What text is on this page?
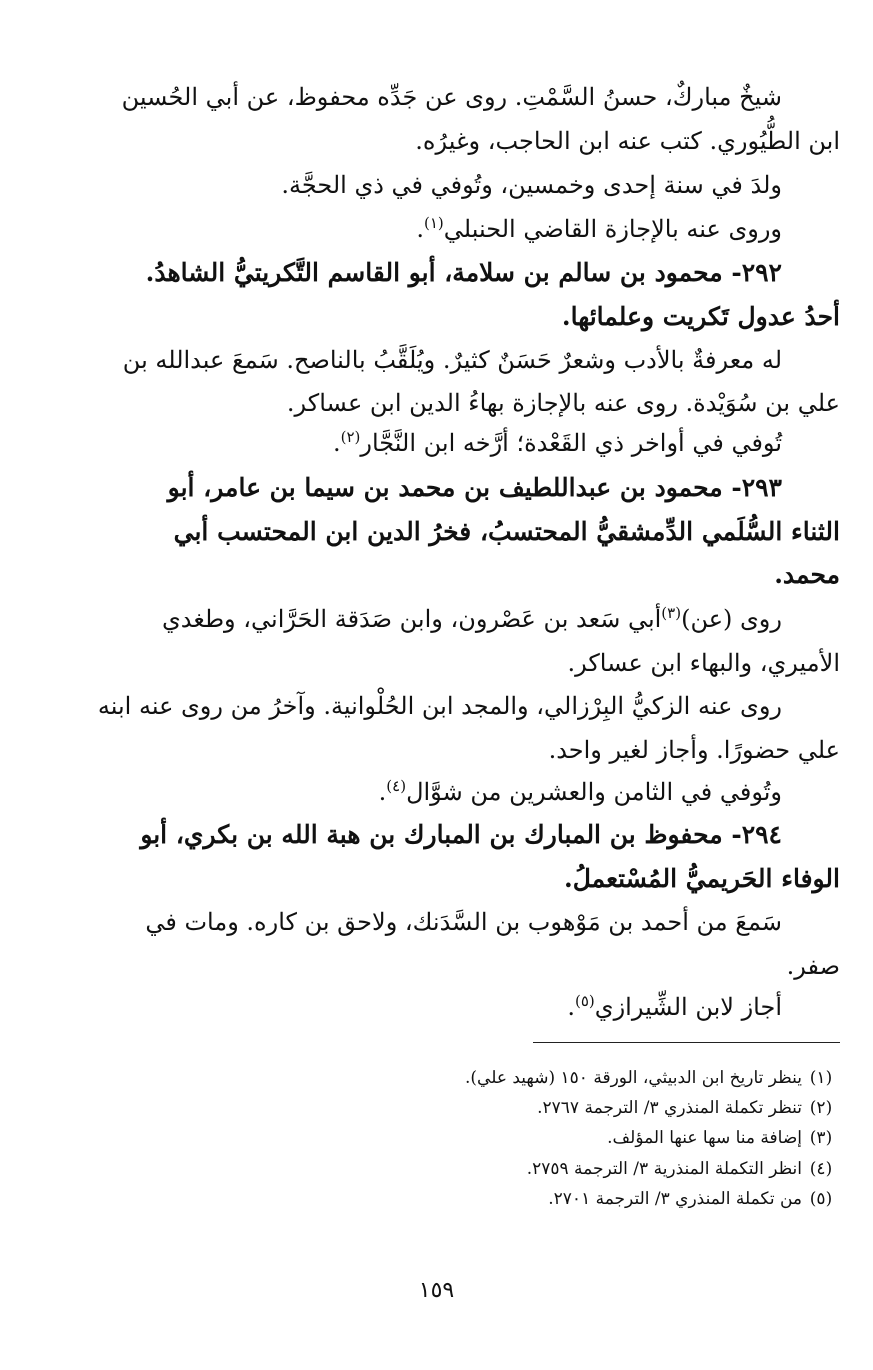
شيخٌ مباركٌ، حسنُ السَّمْتِ. روى عن جَدِّه محفوظ، عن أبي الحُسين
ابن الطُّيُوري. كتب عنه ابن الحاجب، وغيرُه.
ولدَ في سنة إحدى وخمسين، وتُوفي في ذي الحجَّة.
وروى عنه بالإجازة القاضي الحنبلي$^{(١)}$.
٢٩٢- محمود بن سالم بن سلامة، أبو القاسم التَّكريتيُّ الشاهدُ.
أحدُ عدول تَكريت وعلمائها.
له معرفةٌ بالأدب وشعرٌ حَسَنٌ كثيرٌ. ويُلَقَّبُ بالناصح. سَمعَ عبدالله بن
علي بن سُوَيْدة. روى عنه بالإجازة بهاءُ الدين ابن عساكر.
تُوفي في أواخر ذي القَعْدة؛ أرَّخه ابن النَّجَّار$^{(٢)}$.
٢٩٣- محمود بن عبداللطيف بن محمد بن سيما بن عامر، أبو
الثناء السُّلَمي الدِّمشقيُّ المحتسبُ، فخرُ الدين ابن المحتسب أبي
محمد.
روى (عن)$^{(٣)}$أبي سَعد بن عَصْرون، وابن صَدَقة الحَرَّاني، وطغدي
الأميري، والبهاء ابن عساكر.
روى عنه الزكيُّ البِرْزالي، والمجد ابن الحُلْوانية. وآخرُ من روى عنه ابنه
علي حضورًا. وأجاز لغير واحد.
وتُوفي في الثامن والعشرين من شوَّال$^{(٤)}$.
٢٩٤- محفوظ بن المبارك بن المبارك بن هبة الله بن بكري، أبو
الوفاء الحَريميُّ المُسْتعملُ.
سَمعَ من أحمد بن مَوْهوب بن السَّدَنك، ولاحق بن كاره. ومات في
صفر.
أجاز لابن الشِّيرازي$^{(٥)}$.
(١)ينظر تاريخ ابن الدبيثي، الورقة ١٥٠ (شهيد علي).
(٢)تنظر تكملة المنذري ٣/ الترجمة ٢٧٦٧.
(٣)إضافة منا سها عنها المؤلف.
(٤)انظر التكملة المنذرية ٣/ الترجمة ٢٧٥٩.
(٥)من تكملة المنذري ٣/ الترجمة ٢٧٠١.
١٥٩
